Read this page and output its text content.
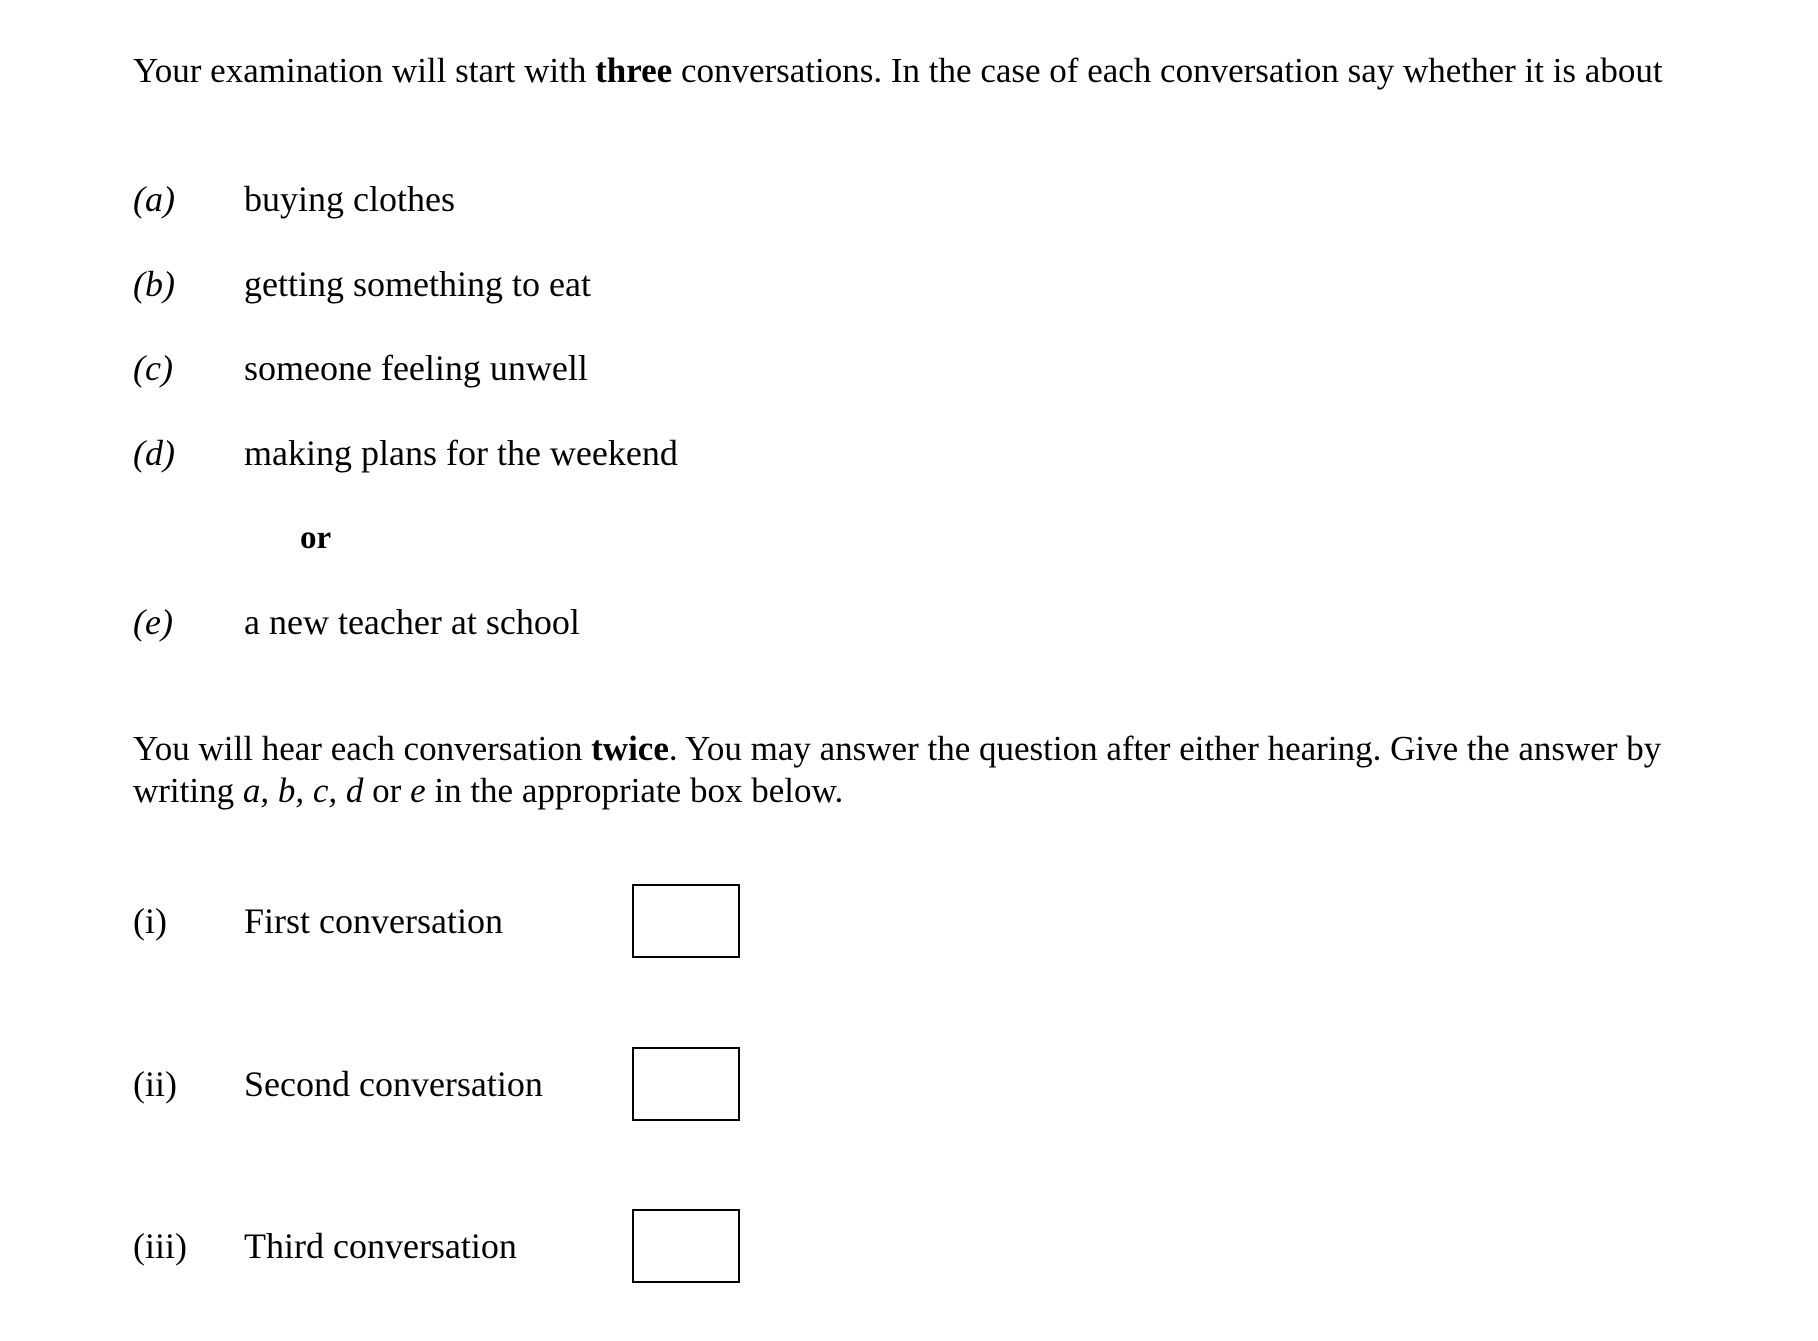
Your examination will start with three conversations. In the case of each conversation say whether it is about
(a) buying clothes
(b) getting something to eat
(c) someone feeling unwell
(d) making plans for the weekend
or
(e) a new teacher at school
You will hear each conversation twice. You may answer the question after either hearing. Give the answer by writing a, b, c, d or e in the appropriate box below.
(i) First conversation
(ii) Second conversation
(iii) Third conversation
